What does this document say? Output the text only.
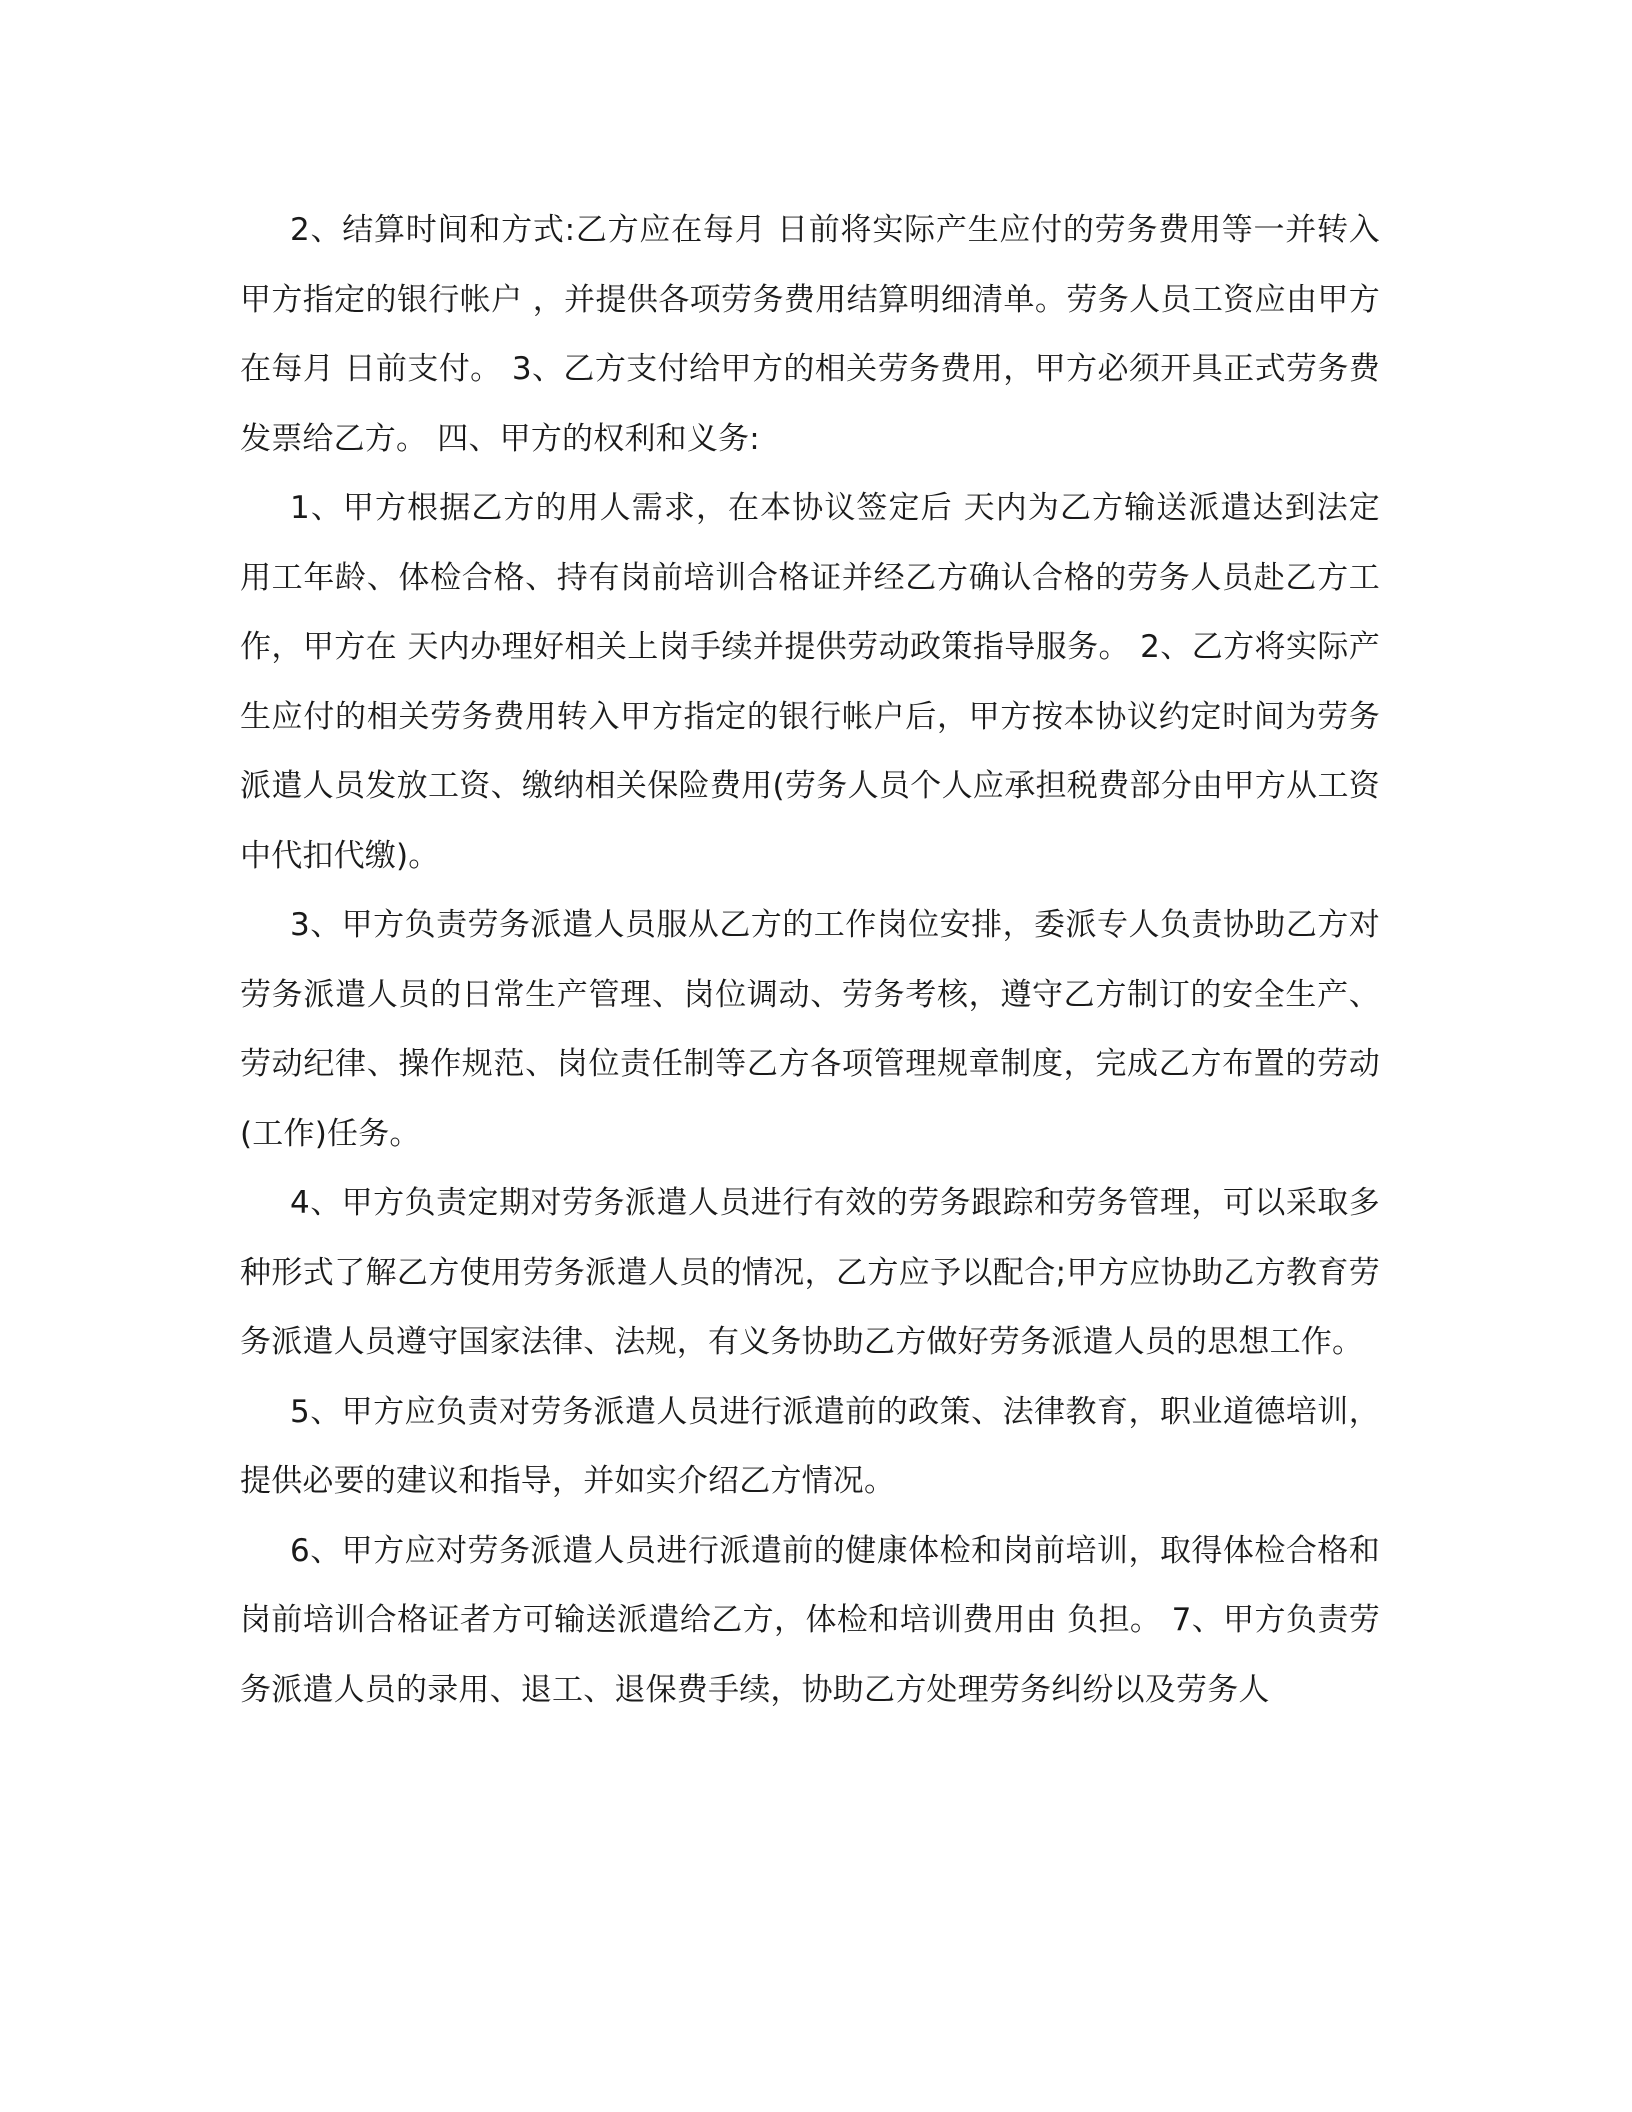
2、结算时间和方式:乙方应在每月 日前将实际产生应付的劳务费用等一并转入甲方指定的银行帐户 ，并提供各项劳务费用结算明细清单。劳务人员工资应由甲方在每月 日前支付。 3、乙方支付给甲方的相关劳务费用，甲方必须开具正式劳务费发票给乙方。 四、甲方的权利和义务:

1、甲方根据乙方的用人需求，在本协议签定后 天内为乙方输送派遣达到法定用工年龄、体检合格、持有岗前培训合格证并经乙方确认合格的劳务人员赴乙方工作，甲方在 天内办理好相关上岗手续并提供劳动政策指导服务。 2、乙方将实际产生应付的相关劳务费用转入甲方指定的银行帐户后，甲方按本协议约定时间为劳务派遣人员发放工资、缴纳相关保险费用(劳务人员个人应承担税费部分由甲方从工资中代扣代缴)。

3、甲方负责劳务派遣人员服从乙方的工作岗位安排，委派专人负责协助乙方对劳务派遣人员的日常生产管理、岗位调动、劳务考核，遵守乙方制订的安全生产、劳动纪律、操作规范、岗位责任制等乙方各项管理规章制度，完成乙方布置的劳动(工作)任务。

4、甲方负责定期对劳务派遣人员进行有效的劳务跟踪和劳务管理，可以采取多种形式了解乙方使用劳务派遣人员的情况，乙方应予以配合;甲方应协助乙方教育劳务派遣人员遵守国家法律、法规，有义务协助乙方做好劳务派遣人员的思想工作。

5、甲方应负责对劳务派遣人员进行派遣前的政策、法律教育，职业道德培训，提供必要的建议和指导，并如实介绍乙方情况。

6、甲方应对劳务派遣人员进行派遣前的健康体检和岗前培训，取得体检合格和岗前培训合格证者方可输送派遣给乙方，体检和培训费用由 负担。 7、甲方负责劳务派遣人员的录用、退工、退保费手续，协助乙方处理劳务纠纷以及劳务人
